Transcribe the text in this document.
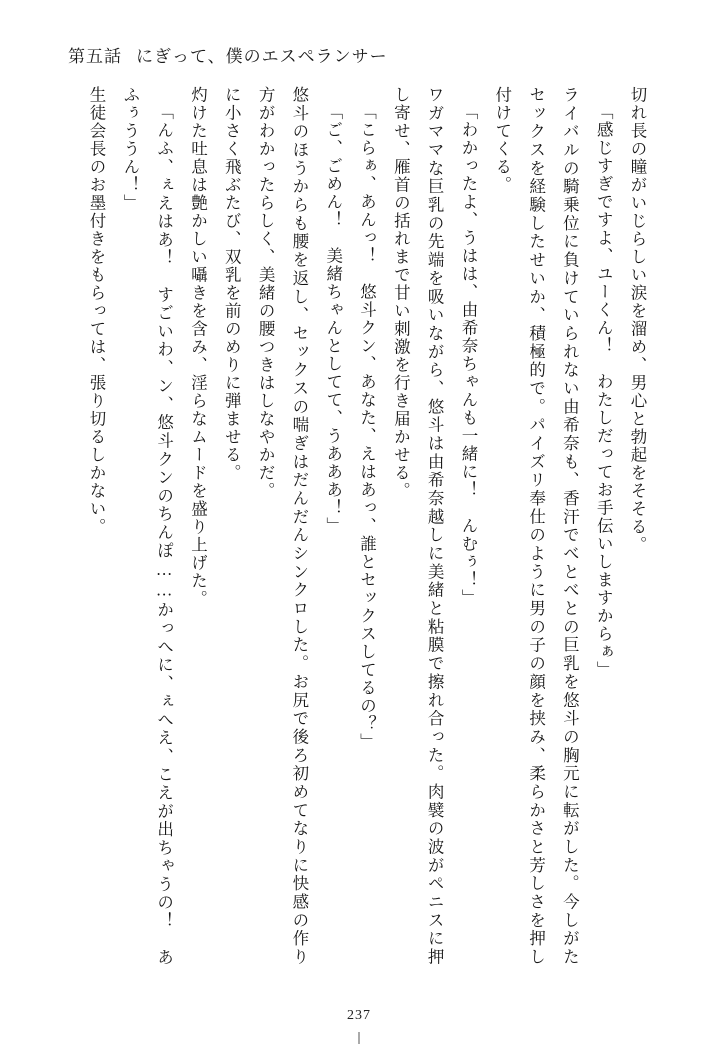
第五話 にぎって、僕のエスペランサー

切れ長の瞳がいじらしい涙を溜め、男心と勃起をそそる。

「感じすぎですよ、ユーくん！　わたしだってお手伝いしますからぁ」

ライバルの騎乗位に負けていられない由希奈も、香汗でべとべとの巨乳を悠斗の胸元に転がした。今しがたセックスを経験したせいか、積極的で。パイズリ奉仕のように男の子の顔を挟み、柔らかさと芳しさを押し付けてくる。

「わかったよ、うはは、由希奈ちゃんも一緒に！　んむぅ！」

ワガママな巨乳の先端を吸いながら、悠斗は由希奈越しに美緒と粘膜で擦れ合った。肉襞の波がペニスに押し寄せ、雁首の括れまで甘い刺激を行き届かせる。

「こらぁ、あんっ！　悠斗クン、あなた、えはあっ、誰とセックスしてるの？」

「ご、ごめん！　美緒ちゃんとしてて、うあああ！」

悠斗のほうからも腰を返し、セックスの喘ぎはだんだんシンクロした。お尻で後ろ初めてなりに快感の作り方がわかったらしく、美緒の腰つきはしなやかだ。

に小さく飛ぶたび、双乳を前のめりに弾ませる。

灼けた吐息は艶かしい囁きを含み、淫らなムードを盛り上げた。

「んふ、ぇえはあ！　すごいわ、ン、悠斗クンのちんぽ……かっへに、ぇへえ、こえが出ちゃうの！　あふぅううん！」

生徒会長のお墨付きをもらっては、張り切るしかない。

237
